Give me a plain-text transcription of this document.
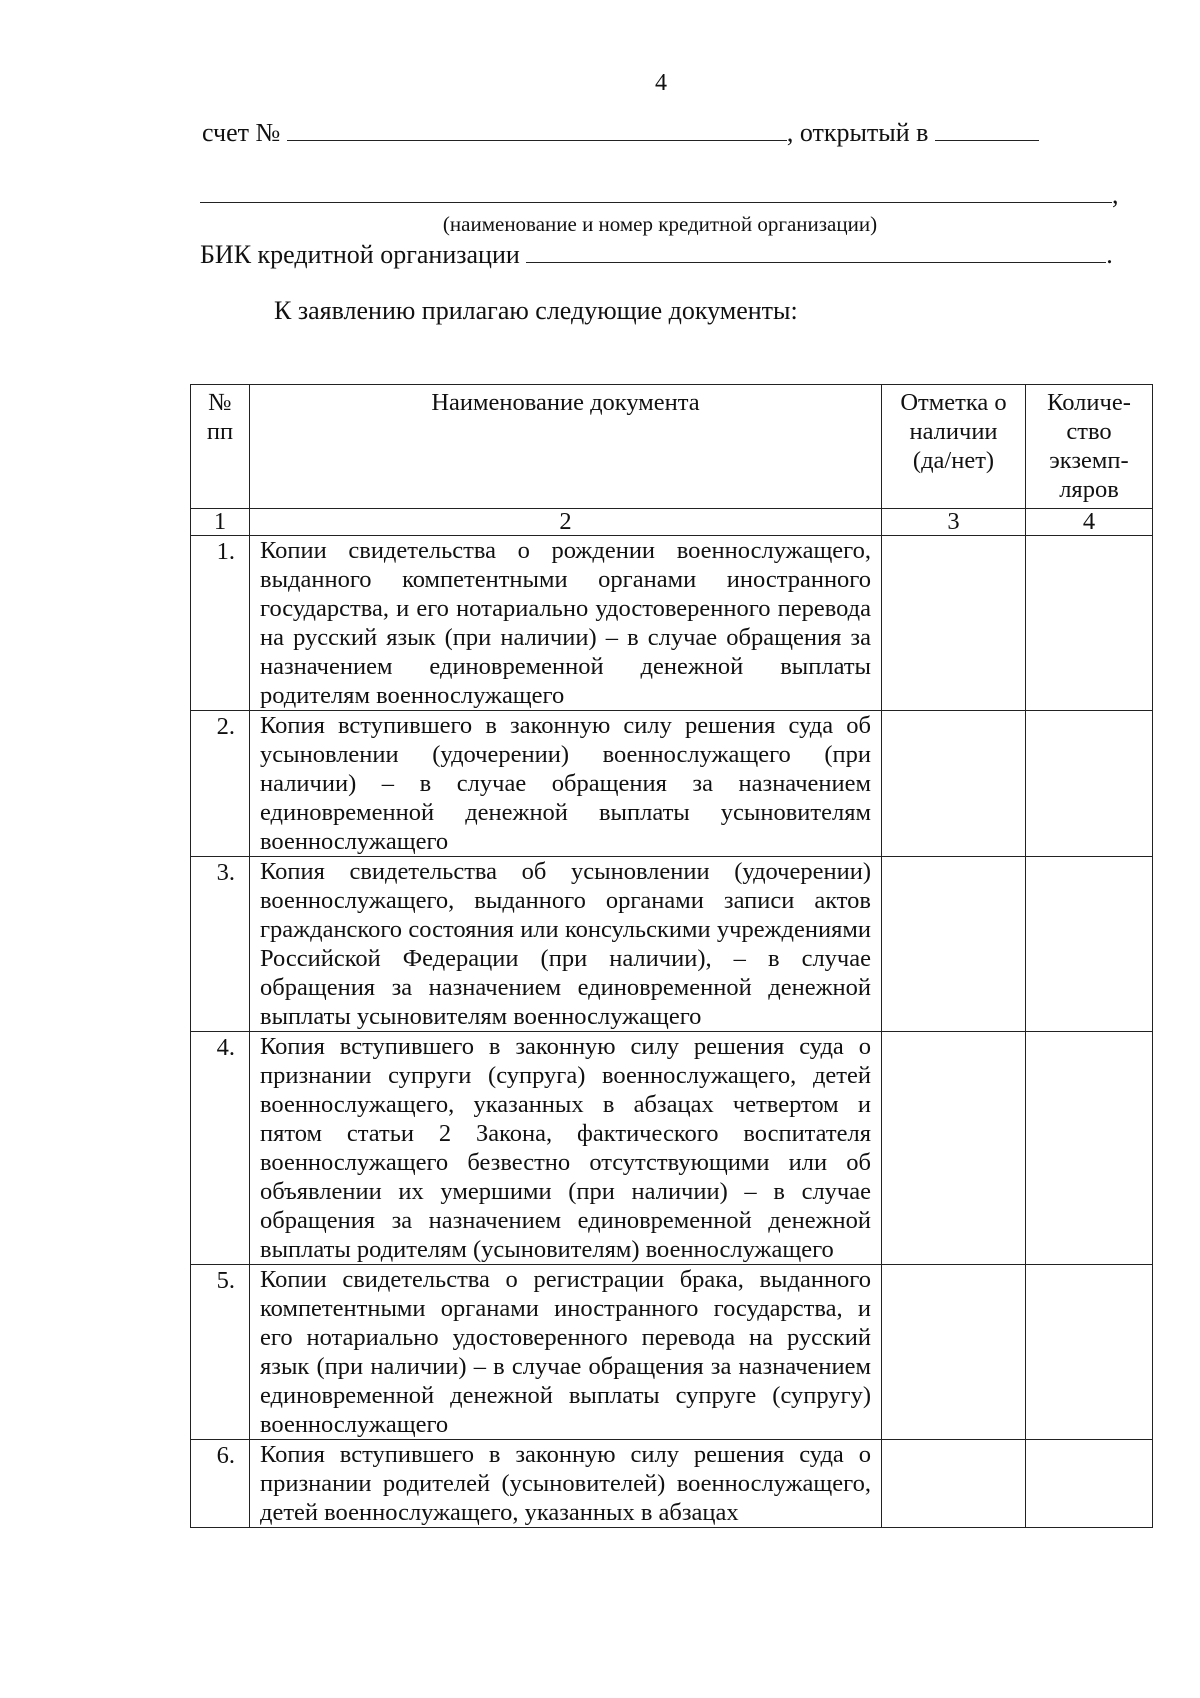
4
счет №	, открытый в
,
(наименование и номер кредитной организации)
БИК кредитной организации	.
К заявлению прилагаю следующие документы:
№ пп	Наименование документа	Отметка о наличии (да/нет)	Количе-ство экземп-ляров
1	2	3	4
1.	Копии свидетельства о рождении военнослужащего, выданного компетентными органами иностранного государства, и его нотариально удостоверенного перевода на русский язык (при наличии) – в случае обращения за назначением единовременной денежной выплаты родителям военнослужащего		
2.	Копия вступившего в законную силу решения суда об усыновлении (удочерении) военнослужащего (при наличии) – в случае обращения за назначением единовременной денежной выплаты усыновителям военнослужащего		
3.	Копия свидетельства об усыновлении (удочерении) военнослужащего, выданного органами записи актов гражданского состояния или консульскими учреждениями Российской Федерации (при наличии), – в случае обращения за назначением единовременной денежной выплаты усыновителям военнослужащего		
4.	Копия вступившего в законную силу решения суда о признании супруги (супруга) военнослужащего, детей военнослужащего, указанных в абзацах четвертом и пятом статьи 2 Закона, фактического воспитателя военнослужащего безвестно отсутствующими или об объявлении их умершими (при наличии) – в случае обращения за назначением единовременной денежной выплаты родителям (усыновителям) военнослужащего		
5.	Копии свидетельства о регистрации брака, выданного компетентными органами иностранного государства, и его нотариально удостоверенного перевода на русский язык (при наличии) – в случае обращения за назначением единовременной денежной выплаты супруге (супругу) военнослужащего		
6.	Копия вступившего в законную силу решения суда о признании родителей (усыновителей) военнослужащего, детей военнослужащего, указанных в абзацах		
